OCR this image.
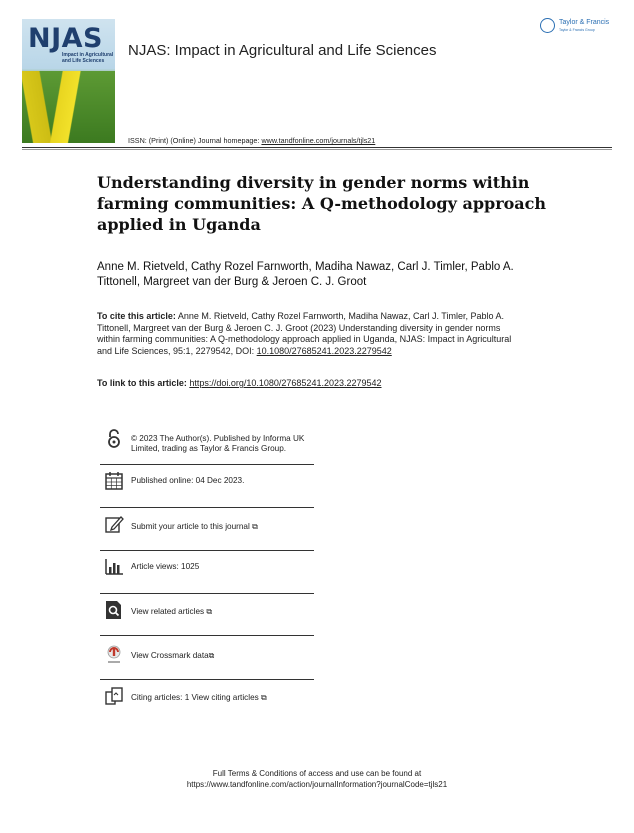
NJAS
Impact in Agricultural and Life Sciences
NJAS: Impact in Agricultural and Life Sciences
ISSN: (Print) (Online) Journal homepage: www.tandfonline.com/journals/tjls21
Taylor & Francis
Taylor & Francis Group
Understanding diversity in gender norms within farming communities: A Q-methodology approach applied in Uganda
Anne M. Rietveld, Cathy Rozel Farnworth, Madiha Nawaz, Carl J. Timler, Pablo A. Tittonell, Margreet van der Burg & Jeroen C. J. Groot
To cite this article: Anne M. Rietveld, Cathy Rozel Farnworth, Madiha Nawaz, Carl J. Timler, Pablo A. Tittonell, Margreet van der Burg & Jeroen C. J. Groot (2023) Understanding diversity in gender norms within farming communities: A Q-methodology approach applied in Uganda, NJAS: Impact in Agricultural and Life Sciences, 95:1, 2279542, DOI: 10.1080/27685241.2023.2279542
To link to this article: https://doi.org/10.1080/27685241.2023.2279542
© 2023 The Author(s). Published by Informa UK Limited, trading as Taylor & Francis Group.
Published online: 04 Dec 2023.
Submit your article to this journal ⧉
Article views: 1025
View related articles ⧉
View Crossmark data⧉
Citing articles: 1 View citing articles ⧉
Full Terms & Conditions of access and use can be found at
https://www.tandfonline.com/action/journalInformation?journalCode=tjls21
